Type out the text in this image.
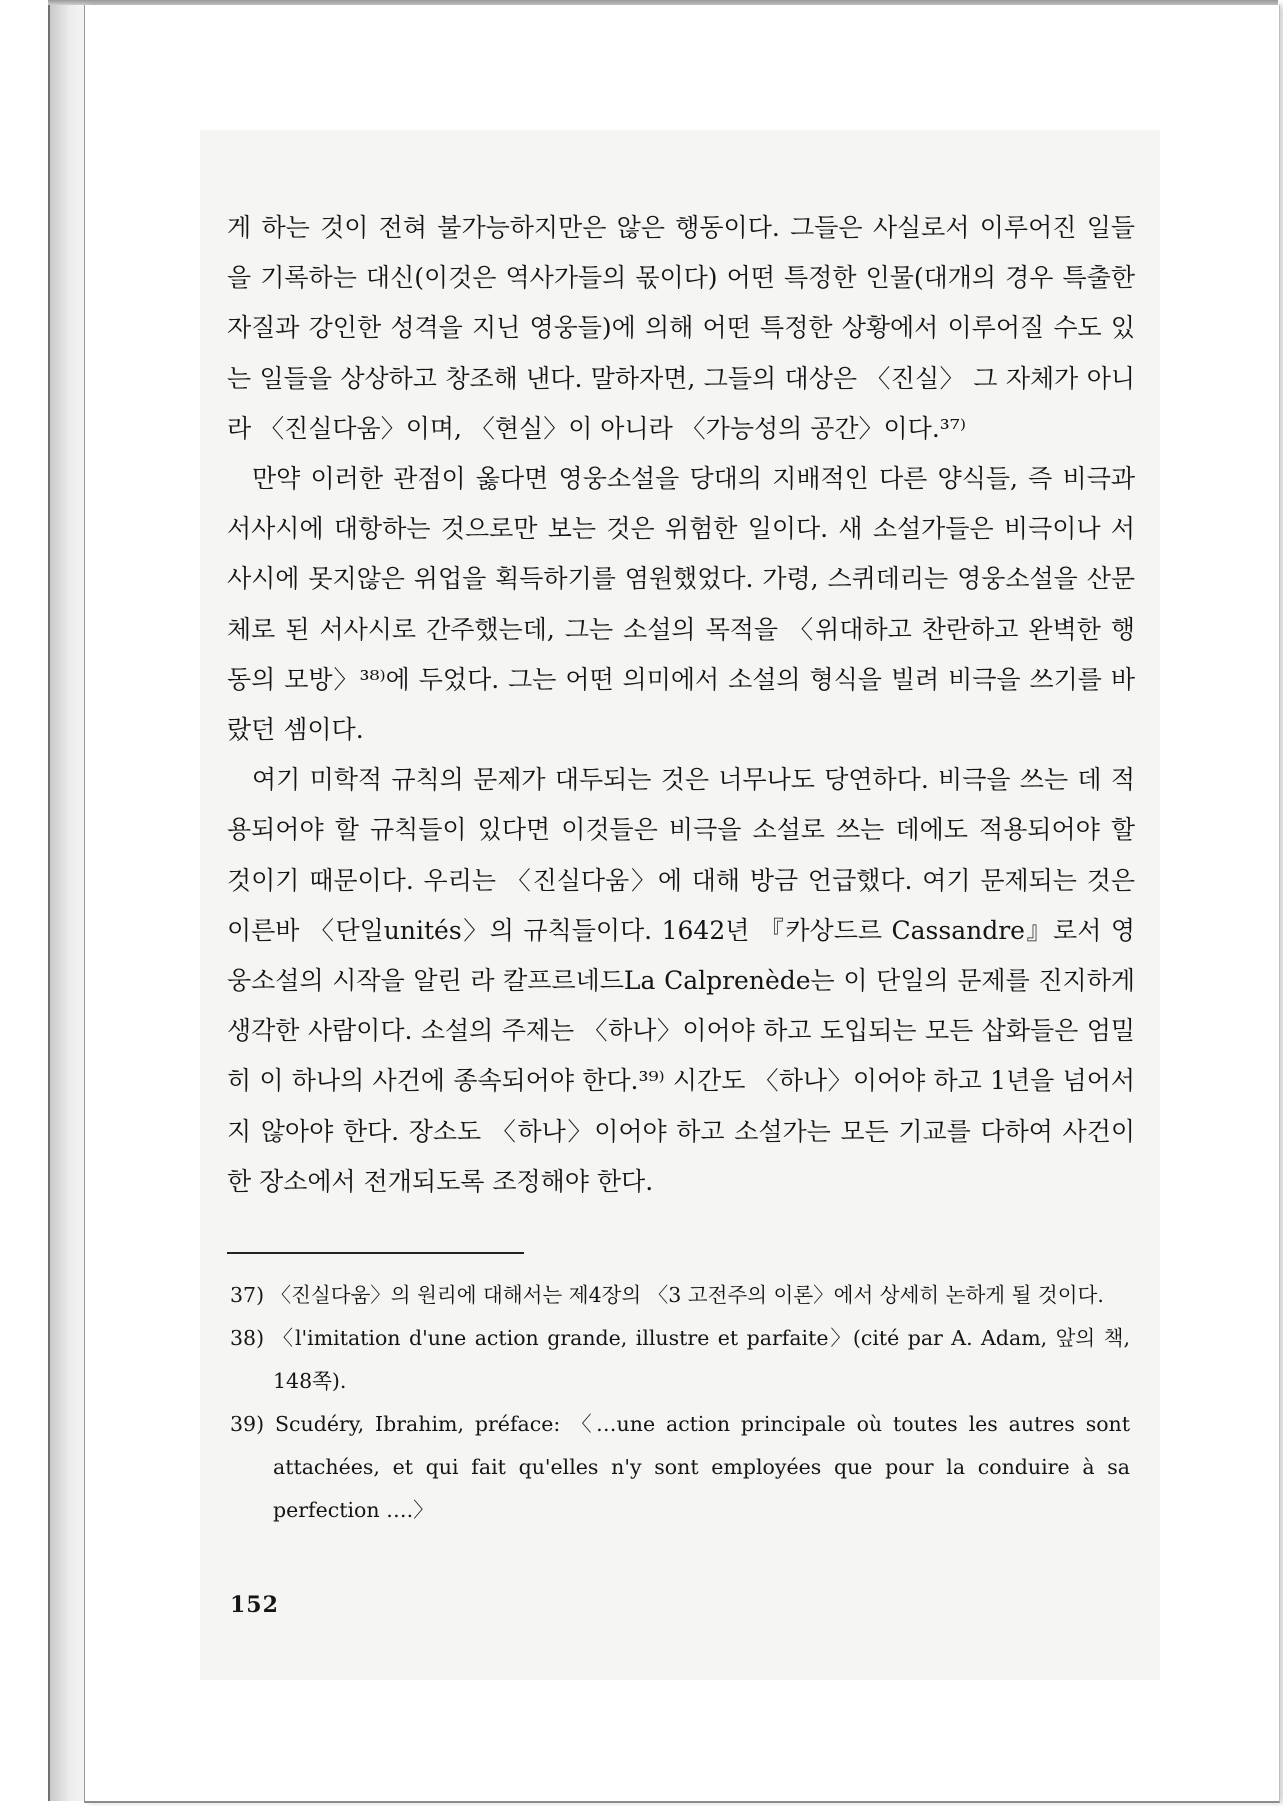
게 하는 것이 전혀 불가능하지만은 않은 행동이다. 그들은 사실로서 이루어진 일들을 기록하는 대신(이것은 역사가들의 몫이다) 어떤 특정한 인물(대개의 경우 특출한 자질과 강인한 성격을 지닌 영웅들)에 의해 어떤 특정한 상황에서 이루어질 수도 있는 일들을 상상하고 창조해 낸다. 말하자면, 그들의 대상은 〈진실〉 그 자체가 아니라 〈진실다움〉이며, 〈현실〉이 아니라 〈가능성의 공간〉이다.³⁷⁾

만약 이러한 관점이 옳다면 영웅소설을 당대의 지배적인 다른 양식들, 즉 비극과 서사시에 대항하는 것으로만 보는 것은 위험한 일이다. 새 소설가들은 비극이나 서사시에 못지않은 위업을 획득하기를 염원했었다. 가령, 스퀴데리는 영웅소설을 산문체로 된 서사시로 간주했는데, 그는 소설의 목적을 〈위대하고 찬란하고 완벽한 행동의 모방〉³⁸⁾에 두었다. 그는 어떤 의미에서 소설의 형식을 빌려 비극을 쓰기를 바랐던 셈이다.

여기 미학적 규칙의 문제가 대두되는 것은 너무나도 당연하다. 비극을 쓰는 데 적용되어야 할 규칙들이 있다면 이것들은 비극을 소설로 쓰는 데에도 적용되어야 할 것이기 때문이다. 우리는 〈진실다움〉에 대해 방금 언급했다. 여기 문제되는 것은 이른바 〈단일unités〉의 규칙들이다. 1642년 『카상드르 Cassandre』로서 영웅소설의 시작을 알린 라 칼프르네드La Calprenède는 이 단일의 문제를 진지하게 생각한 사람이다. 소설의 주제는 〈하나〉이어야 하고 도입되는 모든 삽화들은 엄밀히 이 하나의 사건에 종속되어야 한다.³⁹⁾ 시간도 〈하나〉이어야 하고 1년을 넘어서지 않아야 한다. 장소도 〈하나〉이어야 하고 소설가는 모든 기교를 다하여 사건이 한 장소에서 전개되도록 조정해야 한다.

37) 〈진실다움〉의 원리에 대해서는 제4장의 〈3 고전주의 이론〉에서 상세히 논하게 될 것이다.

38) 〈l'imitation d'une action grande, illustre et parfaite〉(cité par A. Adam, 앞의 책, 148쪽).

39) Scudéry, Ibrahim, préface: 〈…une action principale où toutes les autres sont attachées, et qui fait qu'elles n'y sont employées que pour la conduire à sa perfection ….〉

152
